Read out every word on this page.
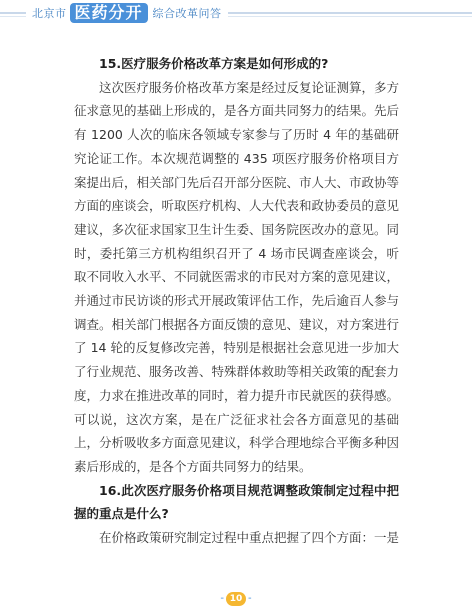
北京市 医药分开 综合改革问答

15.医疗服务价格改革方案是如何形成的?

这次医疗服务价格改革方案是经过反复论证测算，多方征求意见的基础上形成的，是各方面共同努力的结果。先后有 1200 人次的临床各领域专家参与了历时 4 年的基础研究论证工作。本次规范调整的 435 项医疗服务价格项目方案提出后，相关部门先后召开部分医院、市人大、市政协等方面的座谈会，听取医疗机构、人大代表和政协委员的意见建议，多次征求国家卫生计生委、国务院医改办的意见。同时，委托第三方机构组织召开了 4 场市民调查座谈会，听取不同收入水平、不同就医需求的市民对方案的意见建议，并通过市民访谈的形式开展政策评估工作，先后逾百人参与调查。相关部门根据各方面反馈的意见、建议，对方案进行了 14 轮的反复修改完善，特别是根据社会意见进一步加大了行业规范、服务改善、特殊群体救助等相关政策的配套力度，力求在推进改革的同时，着力提升市民就医的获得感。可以说，这次方案，是在广泛征求社会各方面意见的基础上，分析吸收多方面意见建议，科学合理地综合平衡多种因素后形成的，是各个方面共同努力的结果。

16.此次医疗服务价格项目规范调整政策制定过程中把握的重点是什么?

在价格政策研究制定过程中重点把握了四个方面：一是

- 10 -
